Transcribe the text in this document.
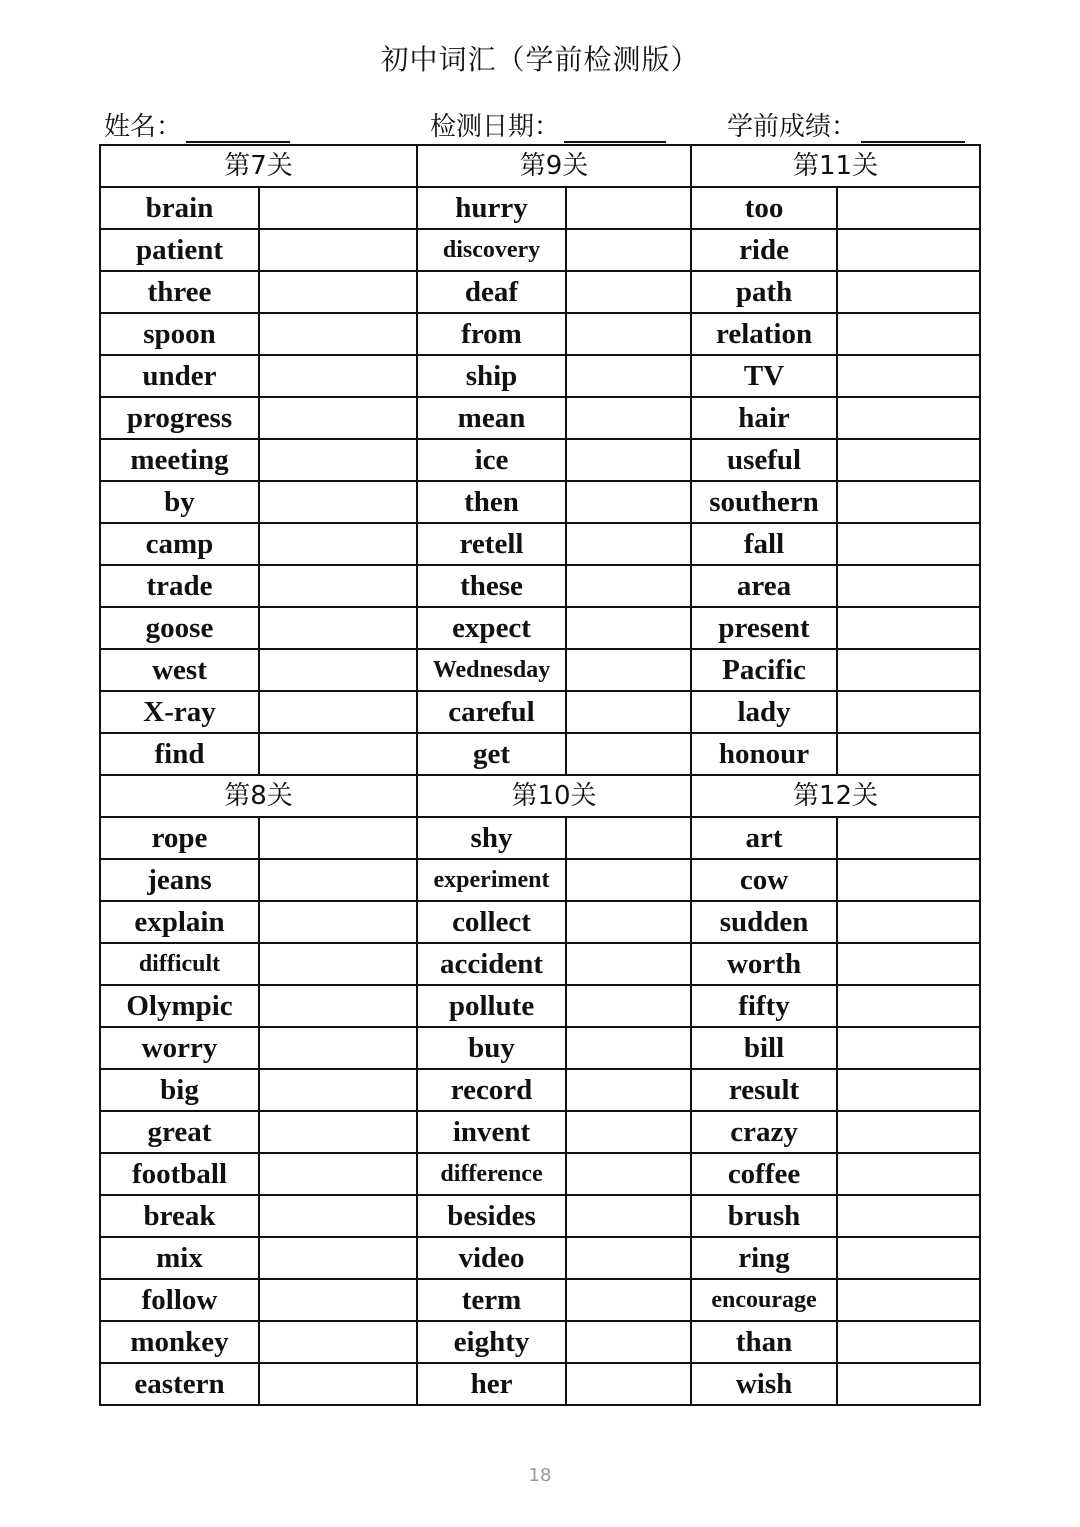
初中词汇（学前检测版）
姓名：	检测日期：	学前成绩：
第7关		第9关		第11关	
brain		hurry		too	
patient		discovery		ride	
three		deaf		path	
spoon		from		relation	
under		ship		TV	
progress		mean		hair	
meeting		ice		useful	
by		then		southern	
camp		retell		fall	
trade		these		area	
goose		expect		present	
west		Wednesday		Pacific	
X-ray		careful		lady	
find		get		honour	
第8关		第10关		第12关	
rope		shy		art	
jeans		experiment		cow	
explain		collect		sudden	
difficult		accident		worth	
Olympic		pollute		fifty	
worry		buy		bill	
big		record		result	
great		invent		crazy	
football		difference		coffee	
break		besides		brush	
mix		video		ring	
follow		term		encourage	
monkey		eighty		than	
eastern		her		wish	
18
